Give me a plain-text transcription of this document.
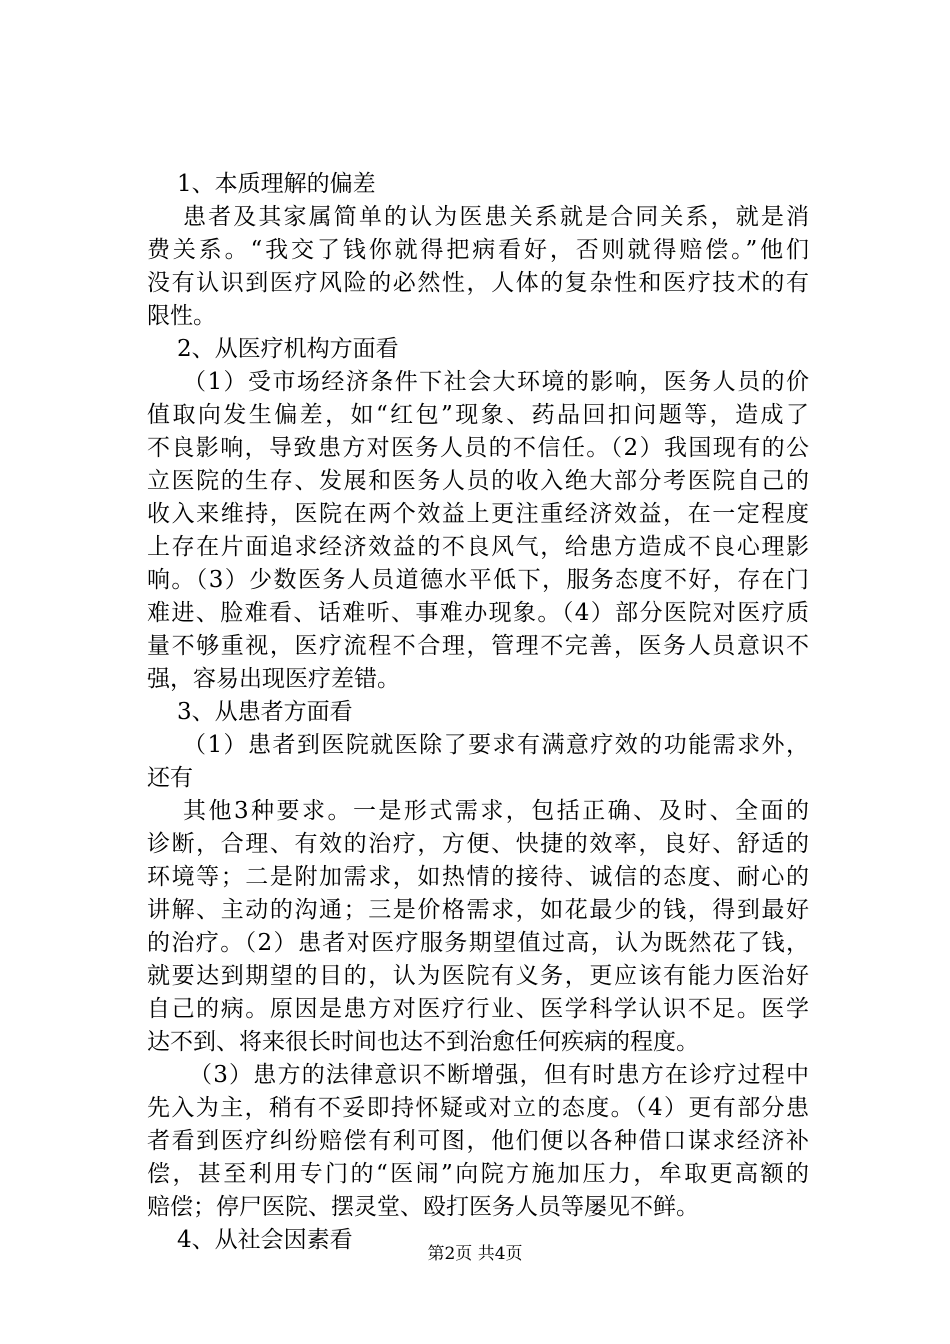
1、本质理解的偏差

患者及其家属简单的认为医患关系就是合同关系，就是消

费关系。“我交了钱你就得把病看好，否则就得赔偿。”他们

没有认识到医疗风险的必然性，人体的复杂性和医疗技术的有

限性。

2、从医疗机构方面看

（1）受市场经济条件下社会大环境的影响，医务人员的价

值取向发生偏差，如“红包”现象、药品回扣问题等，造成了

不良影响，导致患方对医务人员的不信任。（2）我国现有的公

立医院的生存、发展和医务人员的收入绝大部分考医院自己的

收入来维持，医院在两个效益上更注重经济效益，在一定程度

上存在片面追求经济效益的不良风气，给患方造成不良心理影

响。（3）少数医务人员道德水平低下，服务态度不好，存在门

难进、脸难看、话难听、事难办现象。（4）部分医院对医疗质

量不够重视，医疗流程不合理，管理不完善，医务人员意识不

强，容易出现医疗差错。

3、从患者方面看

（1）患者到医院就医除了要求有满意疗效的功能需求外，

还有

其他3种要求。一是形式需求，包括正确、及时、全面的

诊断，合理、有效的治疗，方便、快捷的效率，良好、舒适的

环境等；二是附加需求，如热情的接待、诚信的态度、耐心的

讲解、主动的沟通；三是价格需求，如花最少的钱，得到最好

的治疗。（2）患者对医疗服务期望值过高，认为既然花了钱，

就要达到期望的目的，认为医院有义务，更应该有能力医治好

自己的病。原因是患方对医疗行业、医学科学认识不足。医学

达不到、将来很长时间也达不到治愈任何疾病的程度。

（3）患方的法律意识不断增强，但有时患方在诊疗过程中

先入为主，稍有不妥即持怀疑或对立的态度。（4）更有部分患

者看到医疗纠纷赔偿有利可图，他们便以各种借口谋求经济补

偿，甚至利用专门的“医闹”向院方施加压力，牟取更高额的

赔偿；停尸医院、摆灵堂、殴打医务人员等屡见不鲜。

4、从社会因素看

第2页 共4页
